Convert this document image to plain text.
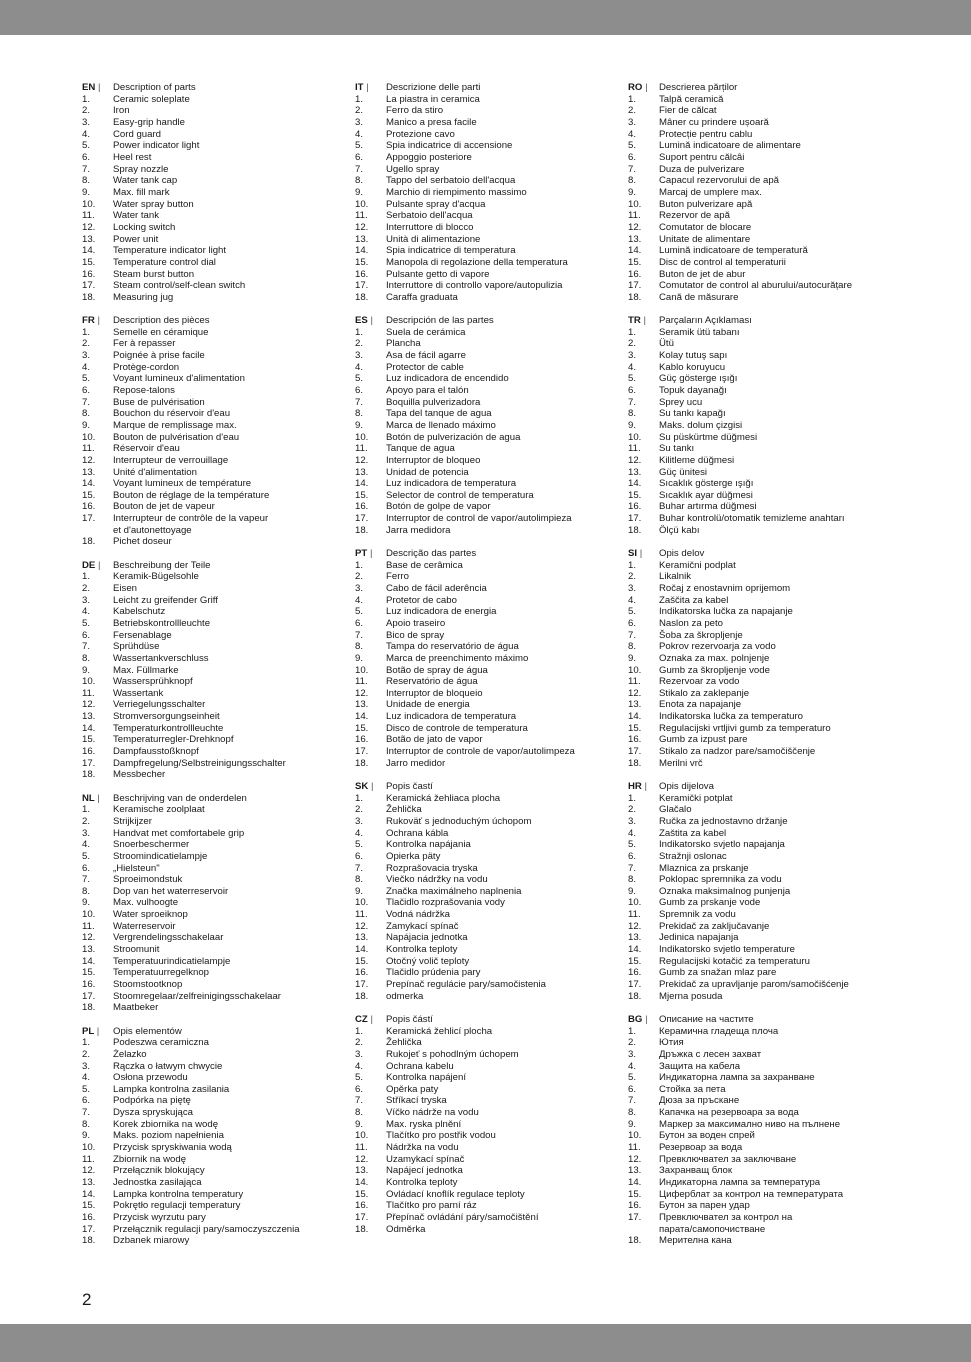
EN |	Description of parts
1.	Ceramic soleplate
2.	Iron
3.	Easy-grip handle
4.	Cord guard
5.	Power indicator light
6.	Heel rest
7.	Spray nozzle
8.	Water tank cap
9.	Max. fill mark
10.	Water spray button
11.	Water tank
12.	Locking switch
13.	Power unit
14.	Temperature indicator light
15.	Temperature control dial
16.	Steam burst button
17.	Steam control/self-clean switch
18.	Measuring jug
FR |	Description des pièces
1.	Semelle en céramique
2.	Fer à repasser
3.	Poignée à prise facile
4.	Protège-cordon
5.	Voyant lumineux d'alimentation
6.	Repose-talons
7.	Buse de pulvérisation
8.	Bouchon du réservoir d'eau
9.	Marque de remplissage max.
10.	Bouton de pulvérisation d'eau
11.	Réservoir d'eau
12.	Interrupteur de verrouillage
13.	Unité d'alimentation
14.	Voyant lumineux de température
15.	Bouton de réglage de la température
16.	Bouton de jet de vapeur
17.	Interrupteur de contrôle de la vapeur
et d'autonettoyage
18.	Pichet doseur
DE |	Beschreibung der Teile
1.	Keramik-Bügelsohle
2.	Eisen
3.	Leicht zu greifender Griff
4.	Kabelschutz
5.	Betriebskontrollleuchte
6.	Fersenablage
7.	Sprühdüse
8.	Wassertankverschluss
9.	Max. Füllmarke
10.	Wassersprühknopf
11.	Wassertank
12.	Verriegelungsschalter
13.	Stromversorgungseinheit
14.	Temperaturkontrollleuchte
15.	Temperaturregler-Drehknopf
16.	Dampfausstoßknopf
17.	Dampfregelung/Selbstreinigungsschalter
18.	Messbecher
NL |	Beschrijving van de onderdelen
1.	Keramische zoolplaat
2.	Strijkijzer
3.	Handvat met comfortabele grip
4.	Snoerbeschermer
5.	Stroomindicatielampje
6.	„Hielsteun"
7.	Sproeimondstuk
8.	Dop van het waterreservoir
9.	Max. vulhoogte
10.	Water sproeiknop
11.	Waterreservoir
12.	Vergrendelingsschakelaar
13.	Stroomunit
14.	Temperatuurindicatielampje
15.	Temperatuurregelknop
16.	Stoomstootknop
17.	Stoomregelaar/zelfreinigingsschakelaar
18.	Maatbeker
PL |	Opis elementów
1.	Podeszwa ceramiczna
2.	Żelazko
3.	Rączka o łatwym chwycie
4.	Osłona przewodu
5.	Lampka kontrolna zasilania
6.	Podpórka na piętę
7.	Dysza spryskująca
8.	Korek zbiornika na wodę
9.	Maks. poziom napełnienia
10.	Przycisk spryskiwania wodą
11.	Zbiornik na wodę
12.	Przełącznik blokujący
13.	Jednostka zasilająca
14.	Lampka kontrolna temperatury
15.	Pokrętło regulacji temperatury
16.	Przycisk wyrzutu pary
17.	Przełącznik regulacji pary/samoczyszczenia
18.	Dzbanek miarowy
IT |	Descrizione delle parti
1.	La piastra in ceramica
2.	Ferro da stiro
3.	Manico a presa facile
4.	Protezione cavo
5.	Spia indicatrice di accensione
6.	Appoggio posteriore
7.	Ugello spray
8.	Tappo del serbatoio dell'acqua
9.	Marchio di riempimento massimo
10.	Pulsante spray d'acqua
11.	Serbatoio dell'acqua
12.	Interruttore di blocco
13.	Unità di alimentazione
14.	Spia indicatrice di temperatura
15.	Manopola di regolazione della temperatura
16.	Pulsante getto di vapore
17.	Interruttore di controllo vapore/autopulizia
18.	Caraffa graduata
ES |	Descripción de las partes
1.	Suela de cerámica
2.	Plancha
3.	Asa de fácil agarre
4.	Protector de cable
5.	Luz indicadora de encendido
6.	Apoyo para el talón
7.	Boquilla pulverizadora
8.	Tapa del tanque de agua
9.	Marca de llenado máximo
10.	Botón de pulverización de agua
11.	Tanque de agua
12.	Interruptor de bloqueo
13.	Unidad de potencia
14.	Luz indicadora de temperatura
15.	Selector de control de temperatura
16.	Botón de golpe de vapor
17.	Interruptor de control de vapor/autolimpieza
18.	Jarra medidora
PT |	Descrição das partes
1.	Base de cerâmica
2.	Ferro
3.	Cabo de fácil aderência
4.	Protetor de cabo
5.	Luz indicadora de energia
6.	Apoio traseiro
7.	Bico de spray
8.	Tampa do reservatório de água
9.	Marca de preenchimento máximo
10.	Botão de spray de água
11.	Reservatório de água
12.	Interruptor de bloqueio
13.	Unidade de energia
14.	Luz indicadora de temperatura
15.	Disco de controle de temperatura
16.	Botão de jato de vapor
17.	Interruptor de controle de vapor/autolimpeza
18.	Jarro medidor
SK |	Popis častí
1.	Keramická žehliaca plocha
2.	Žehlička
3.	Rukoväť s jednoduchým úchopom
4.	Ochrana kábla
5.	Kontrolka napájania
6.	Opierka päty
7.	Rozprašovacia tryska
8.	Viečko nádržky na vodu
9.	Značka maximálneho naplnenia
10.	Tlačidlo rozprašovania vody
11.	Vodná nádržka
12.	Zamykací spínač
13.	Napájacia jednotka
14.	Kontrolka teploty
15.	Otočný volič teploty
16.	Tlačidlo prúdenia pary
17.	Prepínač regulácie pary/samočistenia
18.	odmerka
CZ |	Popis částí
1.	Keramická žehlicí plocha
2.	Žehlička
3.	Rukojeť s pohodlným úchopem
4.	Ochrana kabelu
5.	Kontrolka napájení
6.	Opěrka paty
7.	Stříkací tryska
8.	Víčko nádrže na vodu
9.	Max. ryska plnění
10.	Tlačítko pro postřik vodou
11.	Nádržka na vodu
12.	Uzamykací spínač
13.	Napájecí jednotka
14.	Kontrolka teploty
15.	Ovládací knoflík regulace teploty
16.	Tlačítko pro parní ráz
17.	Přepínač ovládání páry/samočištění
18.	Odměrka
RO |	Descrierea părților
1.	Talpă ceramică
2.	Fier de călcat
3.	Mâner cu prindere ușoară
4.	Protecție pentru cablu
5.	Lumină indicatoare de alimentare
6.	Suport pentru călcâi
7.	Duza de pulverizare
8.	Capacul rezervorului de apă
9.	Marcaj de umplere max.
10.	Buton pulverizare apă
11.	Rezervor de apă
12.	Comutator de blocare
13.	Unitate de alimentare
14.	Lumină indicatoare de temperatură
15.	Disc de control al temperaturii
16.	Buton de jet de abur
17.	Comutator de control al aburului/autocurățare
18.	Cană de măsurare
TR |	Parçaların Açıklaması
1.	Seramik ütü tabanı
2.	Ütü
3.	Kolay tutuş sapı
4.	Kablo koruyucu
5.	Güç gösterge ışığı
6.	Topuk dayanağı
7.	Sprey ucu
8.	Su tankı kapağı
9.	Maks. dolum çizgisi
10.	Su püskürtme düğmesi
11.	Su tankı
12.	Kilitleme düğmesi
13.	Güç ünitesi
14.	Sıcaklık gösterge ışığı
15.	Sıcaklık ayar düğmesi
16.	Buhar artırma düğmesi
17.	Buhar kontrolü/otomatik temizleme anahtarı
18.	Ölçü kabı
SI |	Opis delov
1.	Keramični podplat
2.	Likalnik
3.	Ročaj z enostavnim oprijemom
4.	Zaščita za kabel
5.	Indikatorska lučka za napajanje
6.	Naslon za peto
7.	Šoba za škropljenje
8.	Pokrov rezervoarja za vodo
9.	Oznaka za max. polnjenje
10.	Gumb za škropljenje vode
11.	Rezervoar za vodo
12.	Stikalo za zaklepanje
13.	Enota za napajanje
14.	Indikatorska lučka za temperaturo
15.	Regulacijski vrtljivi gumb za temperaturo
16.	Gumb za izpust pare
17.	Stikalo za nadzor pare/samočiščenje
18.	Merilni vrč
HR |	Opis dijelova
1.	Keramički potplat
2.	Glačalo
3.	Ručka za jednostavno držanje
4.	Zaštita za kabel
5.	Indikatorsko svjetlo napajanja
6.	Stražnji oslonac
7.	Mlaznica za prskanje
8.	Poklopac spremnika za vodu
9.	Oznaka maksimalnog punjenja
10.	Gumb za prskanje vode
11.	Spremnik za vodu
12.	Prekidač za zaključavanje
13.	Jedinica napajanja
14.	Indikatorsko svjetlo temperature
15.	Regulacijski kotačić za temperaturu
16.	Gumb za snažan mlaz pare
17.	Prekidač za upravljanje parom/samočišćenje
18.	Mjerna posuda
BG |	Описание на частите
1.	Керамична гладеща плоча
2.	Ютия
3.	Дръжка с лесен захват
4.	Защита на кабела
5.	Индикаторна лампа за захранване
6.	Стойка за пета
7.	Дюза за пръскане
8.	Капачка на резервоара за вода
9.	Маркер за максимално ниво на пълнене
10.	Бутон за воден спрей
11.	Резервоар за вода
12.	Превключвател за заключване
13.	Захранващ блок
14.	Индикаторна лампа за температура
15.	Циферблат за контрол на температурата
16.	Бутон за парен удар
17.	Превключвател за контрол на
парата/самопочистване
18.	Мерителна кана
2
